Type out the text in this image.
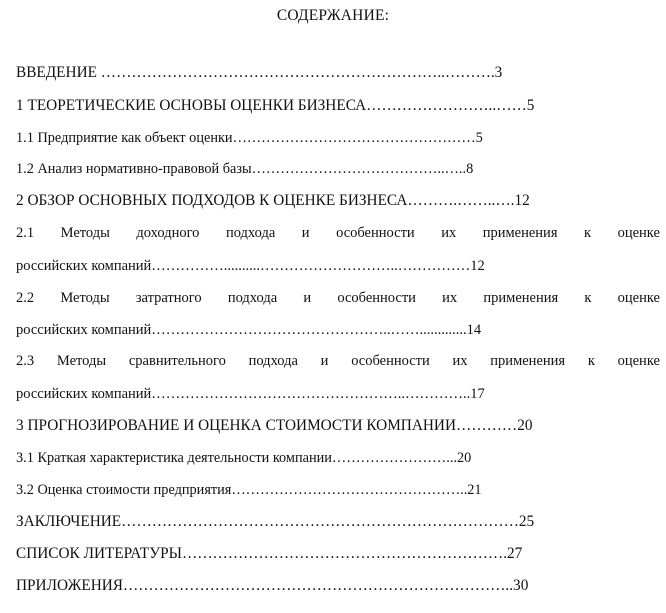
СОДЕРЖАНИЕ:
ВВЕДЕНИЕ …………………………………………………………..……….3
1 ТЕОРЕТИЧЕСКИЕ ОСНОВЫ ОЦЕНКИ БИЗНЕСА……………………..……5
1.1 Предприятие как объект оценки……………………………………………5
1.2 Анализ нормативно-правовой базы…………………………………..…..8
2 ОБЗОР ОСНОВНЫХ ПОДХОДОВ К ОЦЕНКЕ БИЗНЕСА……….……..….12
2.1 Методы доходного подхода и особенности их применения к оценке
российских компаний……………..........………………………..……………12
2.2 Методы затратного подхода и особенности их применения к оценке
российских компаний…………………………………………..…….............14
2.3 Методы сравнительного подхода и особенности их применения к оценке
российских компаний……………………………………………..…………..17
3 ПРОГНОЗИРОВАНИЕ И ОЦЕНКА СТОИМОСТИ КОМПАНИИ…………20
3.1 Краткая характеристика деятельности компании……………………...20
3.2 Оценка стоимости предприятия…………………………………………..21
ЗАКЛЮЧЕНИЕ……………………………………………………………………25
СПИСОК ЛИТЕРАТУРЫ……………………………………………………….27
ПРИЛОЖЕНИЯ…………………………………………………………………..30
